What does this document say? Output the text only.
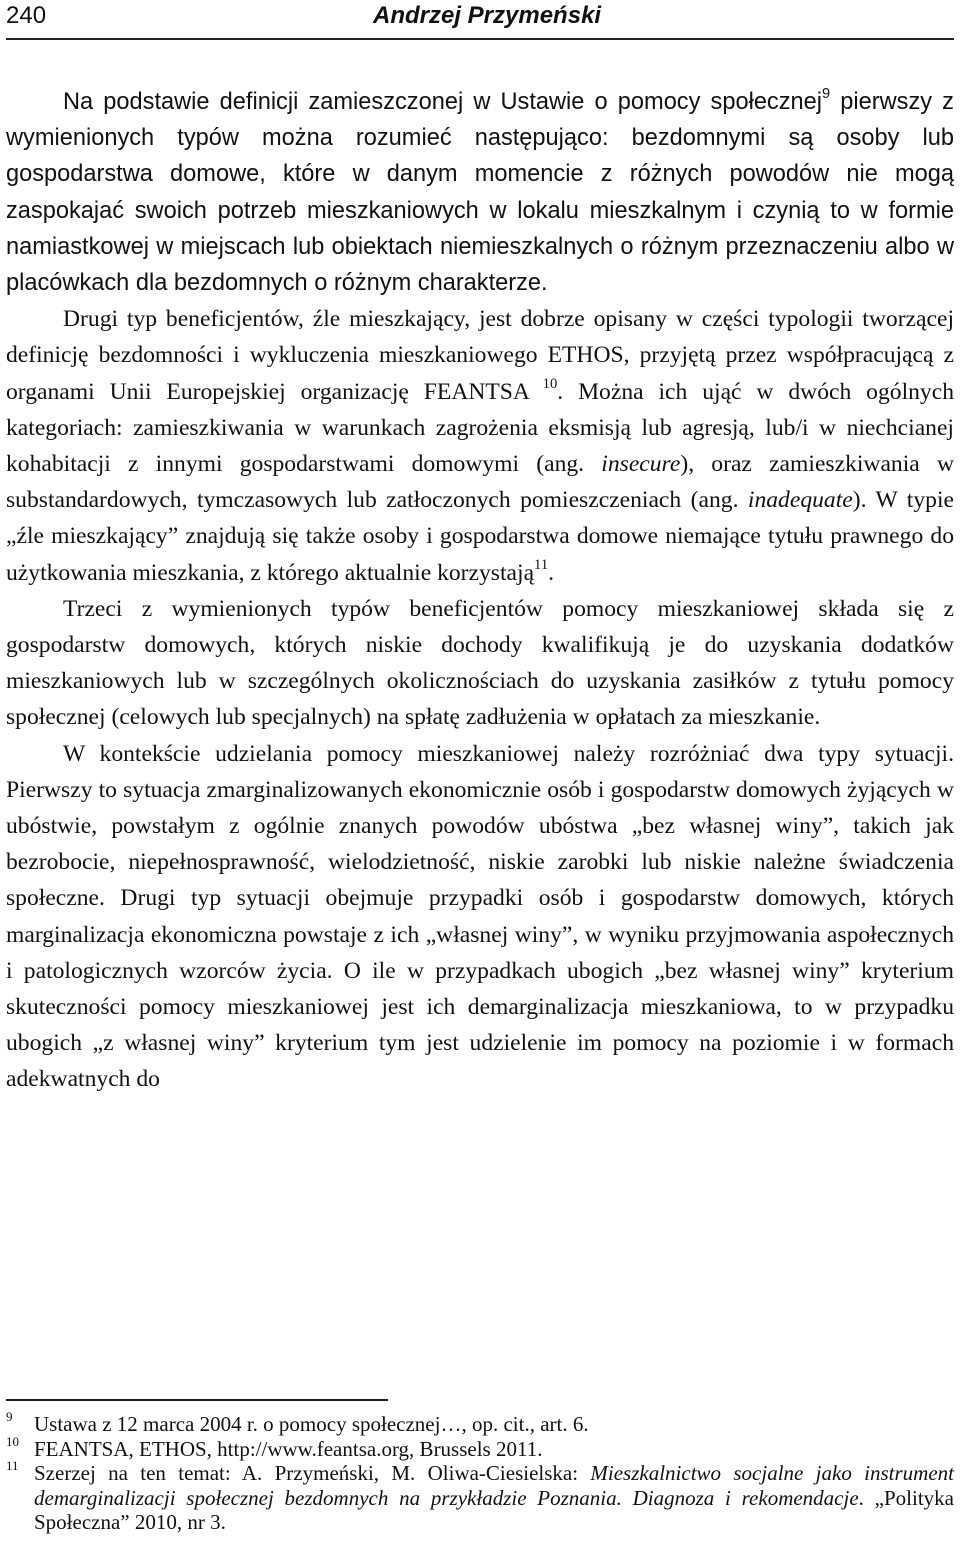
240	Andrzej Przymeński

Na podstawie definicji zamieszczonej w Ustawie o pomocy społecznej$^9$ pierwszy z wymienionych typów można rozumieć następująco: bezdomnymi są osoby lub gospodarstwa domowe, które w danym momencie z różnych powodów nie mogą zaspokajać swoich potrzeb mieszkaniowych w lokalu mieszkalnym i czynią to w formie namiastkowej w miejscach lub obiektach niemieszkalnych o różnym przeznaczeniu albo w placówkach dla bezdomnych o różnym charakterze.

Drugi typ beneficjentów, źle mieszkający, jest dobrze opisany w części typologii tworzącej definicję bezdomności i wykluczenia mieszkaniowego ETHOS, przyjętą przez współpracującą z organami Unii Europejskiej organizację FEANTSA $^{10}$. Można ich ująć w dwóch ogólnych kategoriach: zamieszkiwania w warunkach zagrożenia eksmisją lub agresją, lub/i w niechcianej kohabitacji z innymi gospodarstwami domowymi (ang. insecure), oraz zamieszkiwania w substandardowych, tymczasowych lub zatłoczonych pomieszczeniach (ang. inadequate). W typie „źle mieszkający” znajdują się także osoby i gospodarstwa domowe niemające tytułu prawnego do użytkowania mieszkania, z którego aktualnie korzystają$^{11}$.

Trzeci z wymienionych typów beneficjentów pomocy mieszkaniowej składa się z gospodarstw domowych, których niskie dochody kwalifikują je do uzyskania dodatków mieszkaniowych lub w szczególnych okolicznościach do uzyskania zasiłków z tytułu pomocy społecznej (celowych lub specjalnych) na spłatę zadłużenia w opłatach za mieszkanie.

W kontekście udzielania pomocy mieszkaniowej należy rozróżniać dwa typy sytuacji. Pierwszy to sytuacja zmarginalizowanych ekonomicznie osób i gospodarstw domowych żyjących w ubóstwie, powstałym z ogólnie znanych powodów ubóstwa „bez własnej winy”, takich jak bezrobocie, niepełnosprawność, wielodzietność, niskie zarobki lub niskie należne świadczenia społeczne. Drugi typ sytuacji obejmuje przypadki osób i gospodarstw domowych, których marginalizacja ekonomiczna powstaje z ich „własnej winy”, w wyniku przyjmowania aspołecznych i patologicznych wzorców życia. O ile w przypadkach ubogich „bez własnej winy” kryterium skuteczności pomocy mieszkaniowej jest ich demarginalizacja mieszkaniowa, to w przypadku ubogich „z własnej winy” kryterium tym jest udzielenie im pomocy na poziomie i w formach adekwatnych do

9 Ustawa z 12 marca 2004 r. o pomocy społecznej…, op. cit., art. 6.

10 FEANTSA, ETHOS, http://www.feantsa.org, Brussels 2011.

11 Szerzej na ten temat: A. Przymeński, M. Oliwa-Ciesielska: Mieszkalnictwo socjalne jako instrument demarginalizacji społecznej bezdomnych na przykładzie Poznania. Diagnoza i rekomendacje. „Polityka Społeczna” 2010, nr 3.
